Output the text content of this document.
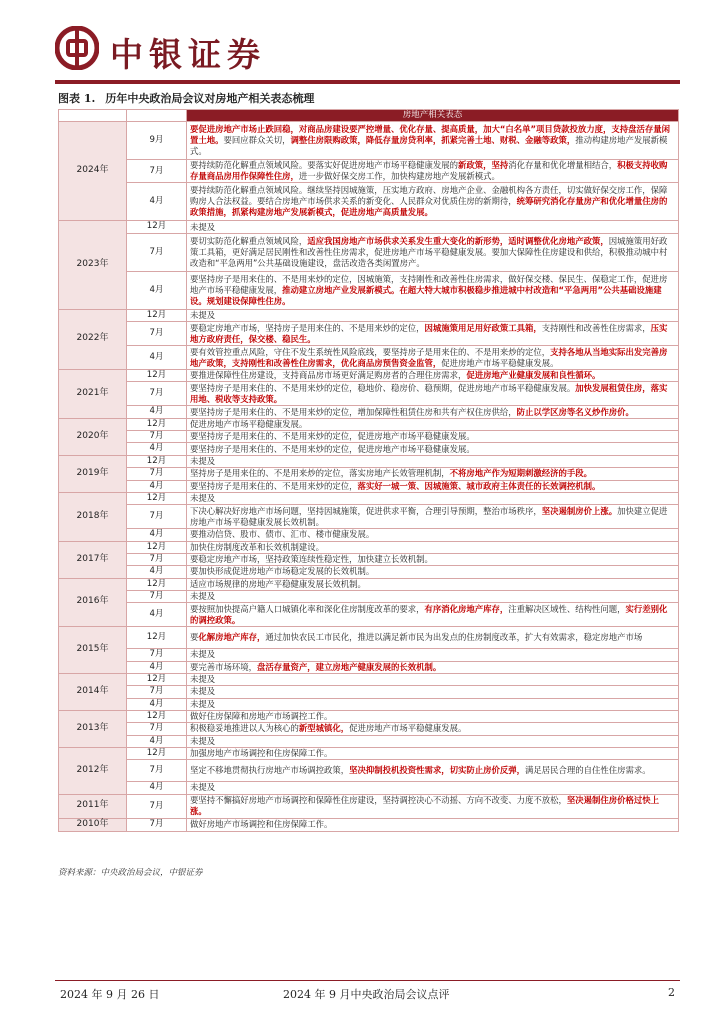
中银证券
图表 1. 历年中央政治局会议对房地产相关表态梳理
		房地产相关表态
2024年	9月	要促进房地产市场止跌回稳，对商品房建设要严控增量、优化存量、提高质量，加大“白名单”项目贷款投放力度，支持盘活存量闲置土地。要回应群众关切，调整住房限购政策，降低存量房贷利率，抓紧完善土地、财税、金融等政策，推动构建房地产发展新模式。
	7月	要持续防范化解重点领域风险。要落实好促进房地产市场平稳健康发展的新政策，坚持消化存量和优化增量相结合，积极支持收购存量商品房用作保障性住房，进一步做好保交房工作，加快构建房地产发展新模式。
	4月	要持续防范化解重点领域风险。继续坚持因城施策，压实地方政府、房地产企业、金融机构各方责任，切实做好保交房工作，保障购房人合法权益。要结合房地产市场供求关系的新变化、人民群众对优质住房的新期待，统筹研究消化存量房产和优化增量住房的政策措施，抓紧构建房地产发展新模式，促进房地产高质量发展。
2023年	12月	未提及
	7月	要切实防范化解重点领域风险，适应我国房地产市场供求关系发生重大变化的新形势，适时调整优化房地产政策，因城施策用好政策工具箱，更好满足居民刚性和改善性住房需求，促进房地产市场平稳健康发展。要加大保障性住房建设和供给，积极推动城中村改造和“平急两用”公共基础设施建设，盘活改造各类闲置房产。
	4月	要坚持房子是用来住的、不是用来炒的定位，因城施策，支持刚性和改善性住房需求，做好保交楼、保民生、保稳定工作，促进房地产市场平稳健康发展，推动建立房地产业发展新模式。在超大特大城市积极稳步推进城中村改造和“平急两用”公共基础设施建设。规划建设保障性住房。
2022年	12月	未提及
	7月	要稳定房地产市场，坚持房子是用来住的、不是用来炒的定位，因城施策用足用好政策工具箱，支持刚性和改善性住房需求，压实地方政府责任，保交楼、稳民生。
	4月	要有效管控重点风险，守住不发生系统性风险底线，要坚持房子是用来住的、不是用来炒的定位，支持各地从当地实际出发完善房地产政策，支持刚性和改善性住房需求，优化商品房预售资金监管，促进房地产市场平稳健康发展。
2021年	12月	要推进保障性住房建设，支持商品房市场更好满足购房者的合理住房需求，促进房地产业健康发展和良性循环。
	7月	要坚持房子是用来住的、不是用来炒的定位，稳地价、稳房价、稳预期，促进房地产市场平稳健康发展。加快发展租赁住房，落实用地、税收等支持政策。
	4月	要坚持房子是用来住的、不是用来炒的定位，增加保障性租赁住房和共有产权住房供给，防止以学区房等名义炒作房价。
2020年	12月	促进房地产市场平稳健康发展。
	7月	要坚持房子是用来住的、不是用来炒的定位，促进房地产市场平稳健康发展。
	4月	要坚持房子是用来住的、不是用来炒的定位，促进房地产市场平稳健康发展。
2019年	12月	未提及
	7月	坚持房子是用来住的、不是用来炒的定位，落实房地产长效管理机制，不将房地产作为短期刺激经济的手段。
	4月	要坚持房子是用来住的、不是用来炒的定位，落实好一城一策、因城施策、城市政府主体责任的长效调控机制。
2018年	12月	未提及
	7月	下决心解决好房地产市场问题，坚持因城施策，促进供求平衡，合理引导预期，整治市场秩序，坚决遏制房价上涨。加快建立促进房地产市场平稳健康发展长效机制。
	4月	要推动信贷、股市、债市、汇市、楼市健康发展。
2017年	12月	加快住房制度改革和长效机制建设。
	7月	要稳定房地产市场，坚持政策连续性稳定性，加快建立长效机制。
	4月	要加快形成促进房地产市场稳定发展的长效机制。
2016年	12月	适应市场规律的房地产平稳健康发展长效机制。
	7月	未提及
	4月	要按照加快提高户籍人口城镇化率和深化住房制度改革的要求，有序消化房地产库存，注重解决区域性、结构性问题，实行差别化的调控政策。
2015年	12月	要化解房地产库存，通过加快农民工市民化，推进以满足新市民为出发点的住房制度改革，扩大有效需求，稳定房地产市场
	7月	未提及
	4月	要完善市场环境，盘活存量资产，建立房地产健康发展的长效机制。
2014年	12月	未提及
	7月	未提及
	4月	未提及
2013年	12月	做好住房保障和房地产市场调控工作。
	7月	积极稳妥地推进以人为核心的新型城镇化，促进房地产市场平稳健康发展。
	4月	未提及
2012年	12月	加强房地产市场调控和住房保障工作。
	7月	坚定不移地贯彻执行房地产市场调控政策，坚决抑制投机投资性需求，切实防止房价反弹，满足居民合理的自住性住房需求。
	4月	未提及
2011年	7月	要坚持不懈搞好房地产市场调控和保障性住房建设，坚持调控决心不动摇、方向不改变、力度不放松，坚决遏制住房价格过快上涨。
2010年	7月	做好房地产市场调控和住房保障工作。
资料来源：中央政治局会议，中银证券
2024 年 9 月 26 日	2024 年 9 月中央政治局会议点评	2
